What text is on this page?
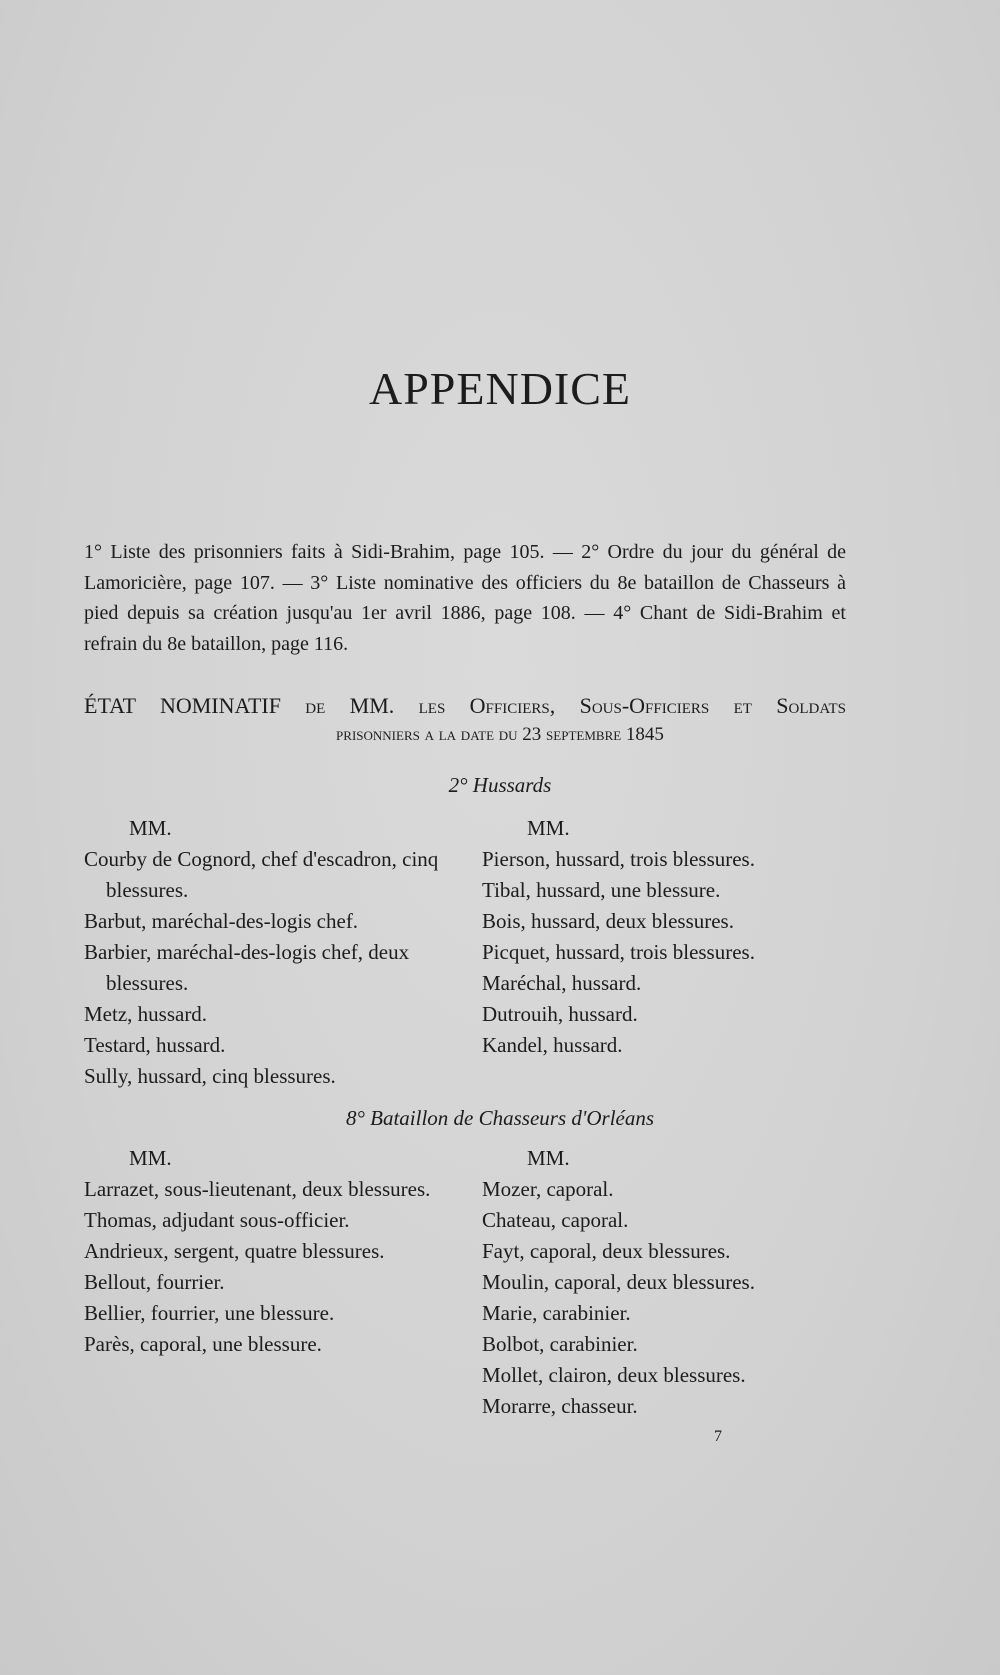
APPENDICE
1° Liste des prisonniers faits à Sidi-Brahim, page 105. — 2° Ordre du jour du général de Lamoricière, page 107. — 3° Liste nominative des officiers du 8e bataillon de Chasseurs à pied depuis sa création jusqu'au 1er avril 1886, page 108. — 4° Chant de Sidi-Brahim et refrain du 8e bataillon, page 116.
ÉTAT NOMINATIF de MM. les Officiers, Sous-Officiers et Soldats
prisonniers a la date du 23 septembre 1845
2° Hussards
MM.
Courby de Cognord, chef d'escadron, cinq blessures.
Barbut, maréchal-des-logis chef.
Barbier, maréchal-des-logis chef, deux blessures.
Metz, hussard.
Testard, hussard.
Sully, hussard, cinq blessures.
MM.
Pierson, hussard, trois blessures.
Tibal, hussard, une blessure.
Bois, hussard, deux blessures.
Picquet, hussard, trois blessures.
Maréchal, hussard.
Dutrouih, hussard.
Kandel, hussard.
8° Bataillon de Chasseurs d'Orléans
MM.
Larrazet, sous-lieutenant, deux blessures.
Thomas, adjudant sous-officier.
Andrieux, sergent, quatre blessures.
Bellout, fourrier.
Bellier, fourrier, une blessure.
Parès, caporal, une blessure.
MM.
Mozer, caporal.
Chateau, caporal.
Fayt, caporal, deux blessures.
Moulin, caporal, deux blessures.
Marie, carabinier.
Bolbot, carabinier.
Mollet, clairon, deux blessures.
Morarre, chasseur.
7
